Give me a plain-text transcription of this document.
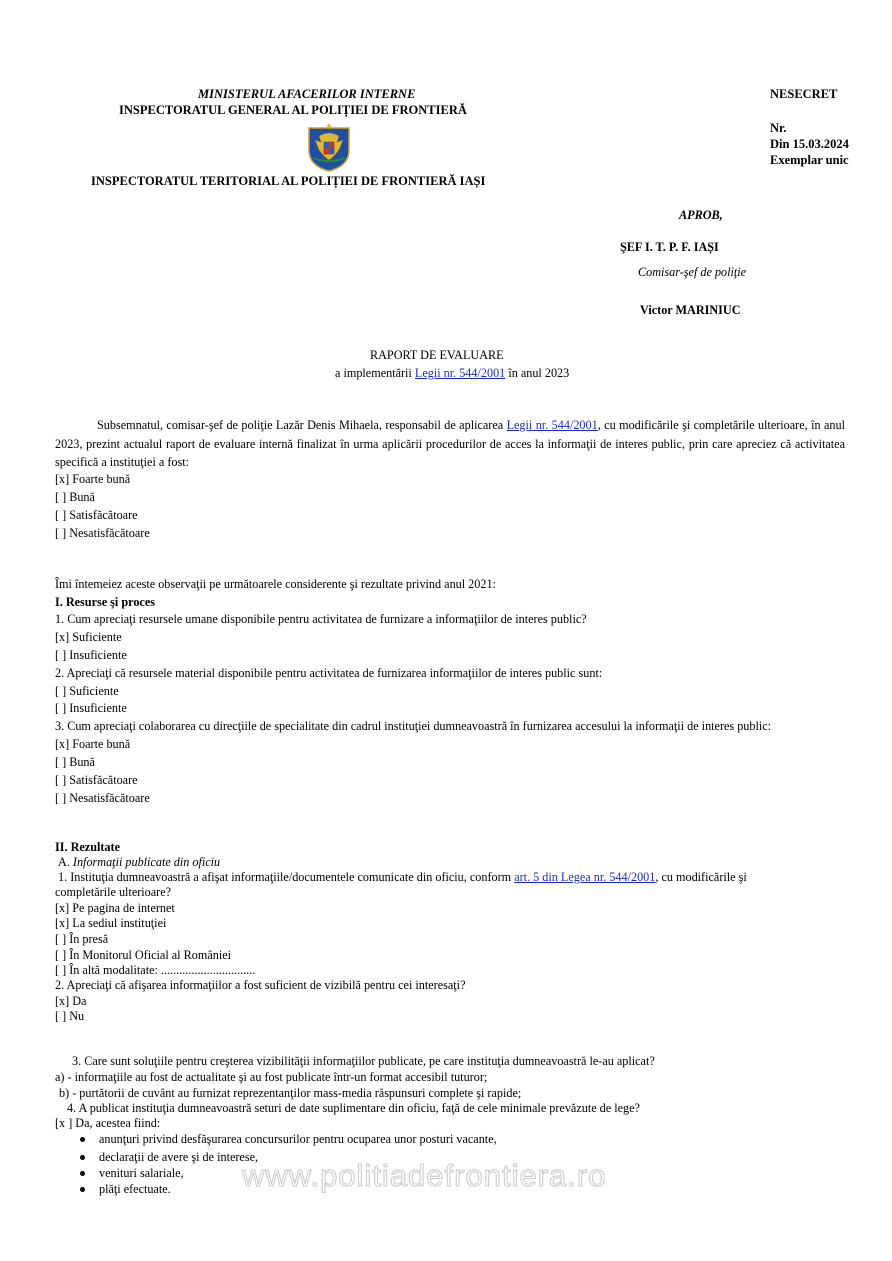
MINISTERUL AFACERILOR INTERNE
INSPECTORATUL GENERAL AL POLIȚIEI DE FRONTIERĂ
INSPECTORATUL TERITORIAL AL POLIȚIEI DE FRONTIERĂ IAȘI
NESECRET
Nr.
Din 15.03.2024
Exemplar unic
APROB,
ŞEF I. T. P. F. IAȘI
Comisar-şef de poliţie
Victor MARINIUC
RAPORT DE EVALUARE
a implementării Legii nr. 544/2001 în anul 2023
Subsemnatul, comisar-şef de poliţie Lazăr Denis Mihaela, responsabil de aplicarea Legii nr. 544/2001, cu modificările şi completările ulterioare, în anul 2023, prezint actualul raport de evaluare internă finalizat în urma aplicării procedurilor de acces la informaţii de interes public, prin care apreciez că activitatea specifică a instituţiei a fost:
[x] Foarte bună
[ ] Bună
[ ] Satisfăcătoare
[ ] Nesatisfăcătoare
Îmi întemeiez aceste observaţii pe următoarele considerente şi rezultate privind anul 2021:
I. Resurse şi proces
1. Cum apreciaţi resursele umane disponibile pentru activitatea de furnizare a informaţiilor de interes public?
[x] Suficiente
[ ] Insuficiente
2. Apreciaţi că resursele material disponibile pentru activitatea de furnizarea informaţiilor de interes public sunt:
[ ] Suficiente
[ ] Insuficiente
3. Cum apreciaţi colaborarea cu direcţiile de specialitate din cadrul instituţiei dumneavoastră în furnizarea accesului la informaţii de interes public:
[x] Foarte bună
[ ] Bună
[ ] Satisfăcătoare
[ ] Nesatisfăcătoare
II. Rezultate
A. Informaţii publicate din oficiu
1. Instituţia dumneavoastră a afişat informaţiile/documentele comunicate din oficiu, conform art. 5 din Legea nr. 544/2001, cu modificările şi
completările ulterioare?
[x] Pe pagina de internet
[x] La sediul instituţiei
[ ] În presă
[ ] În Monitorul Oficial al României
[ ] În altă modalitate: ...............................
2. Apreciaţi că afişarea informaţiilor a fost suficient de vizibilă pentru cei interesaţi?
[x] Da
[ ] Nu
3. Care sunt soluţiile pentru creşterea vizibilităţii informaţiilor publicate, pe care instituţia dumneavoastră le-au aplicat?
a) - informaţiile au fost de actualitate şi au fost publicate într-un format accesibil tuturor;
b) - purtătorii de cuvânt au furnizat reprezentanţilor mass-media răspunsuri complete şi rapide;
4. A publicat instituţia dumneavoastră seturi de date suplimentare din oficiu, faţă de cele minimale prevăzute de lege?
[x ] Da, acestea fiind:
anunţuri privind desfăşurarea concursurilor pentru ocuparea unor posturi vacante,
declaraţii de avere şi de interese,
venituri salariale,
plăţi efectuate. www.politiadefrontiera.ro
